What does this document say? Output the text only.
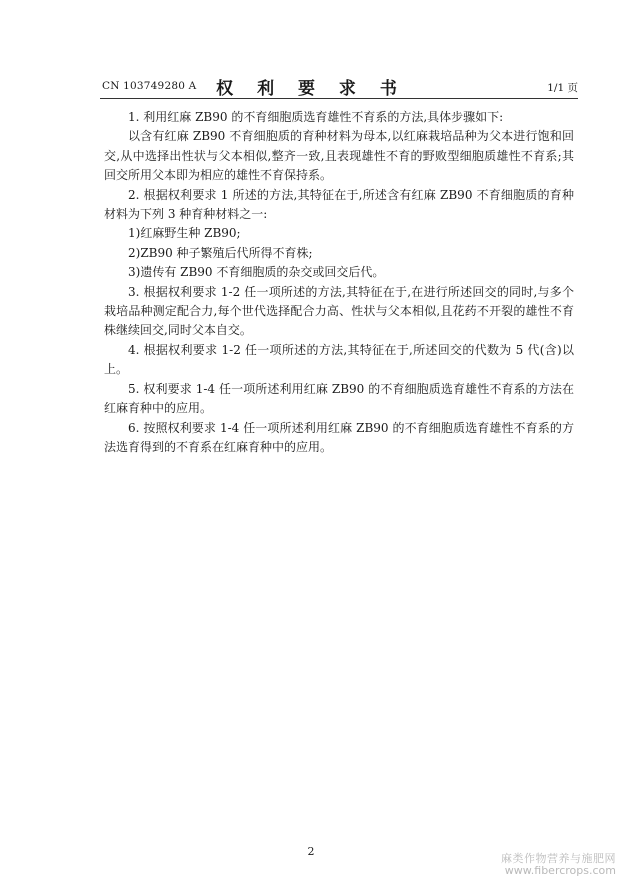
CN 103749280 A	权 利 要 求 书	1/1 页

1. 利用红麻 ZB90 的不育细胞质选育雄性不育系的方法,具体步骤如下:

以含有红麻 ZB90 不育细胞质的育种材料为母本,以红麻栽培品种为父本进行饱和回交,从中选择出性状与父本相似,整齐一致,且表现雄性不育的野败型细胞质雄性不育系;其回交所用父本即为相应的雄性不育保持系。

2. 根据权利要求 1 所述的方法,其特征在于,所述含有红麻 ZB90 不育细胞质的育种材料为下列 3 种育种材料之一:

1)红麻野生种 ZB90;

2)ZB90 种子繁殖后代所得不育株;

3)遗传有 ZB90 不育细胞质的杂交或回交后代。

3. 根据权利要求 1-2 任一项所述的方法,其特征在于,在进行所述回交的同时,与多个栽培品种测定配合力,每个世代选择配合力高、性状与父本相似,且花药不开裂的雄性不育株继续回交,同时父本自交。

4. 根据权利要求 1-2 任一项所述的方法,其特征在于,所述回交的代数为 5 代(含)以上。

5. 权利要求 1-4 任一项所述利用红麻 ZB90 的不育细胞质选育雄性不育系的方法在红麻育种中的应用。

6. 按照权利要求 1-4 任一项所述利用红麻 ZB90 的不育细胞质选育雄性不育系的方法选育得到的不育系在红麻育种中的应用。

2
麻类作物营养与施肥网
www.fibercrops.com
